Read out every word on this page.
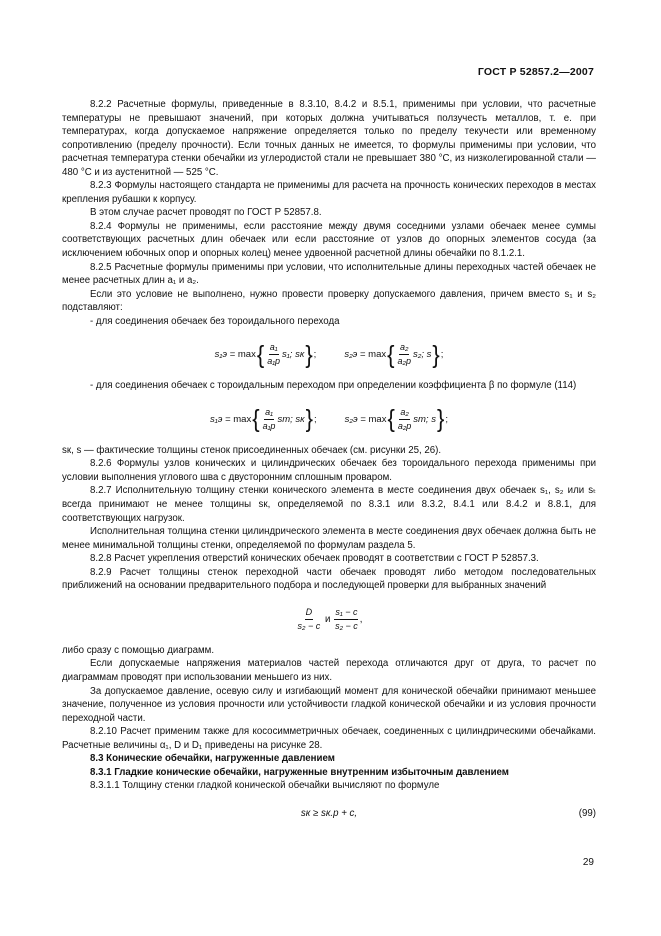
ГОСТ Р 52857.2—2007

8.2.2 Расчетные формулы, приведенные в 8.3.10, 8.4.2 и 8.5.1, применимы при условии, что расчетные температуры не превышают значений, при которых должна учитываться ползучесть металлов, т. е. при температурах, когда допускаемое напряжение определяется только по пределу текучести или временному сопротивлению (пределу прочности). Если точных данных не имеется, то формулы применимы при условии, что расчетная температура стенки обечайки из углеродистой стали не превышает 380 °С, из низколегированной стали — 480 °С и из аустенитной — 525 °С.

8.2.3 Формулы настоящего стандарта не применимы для расчета на прочность конических переходов в местах крепления рубашки к корпусу.

В этом случае расчет проводят по ГОСТ Р 52857.8.

8.2.4 Формулы не применимы, если расстояние между двумя соседними узлами обечаек менее суммы соответствующих расчетных длин обечаек или если расстояние от узлов до опорных элементов сосуда (за исключением юбочных опор и опорных колец) менее удвоенной расчетной длины обечайки по 8.1.2.1.

8.2.5 Расчетные формулы применимы при условии, что исполнительные длины переходных частей обечаек не менее расчетных длин a₁ и a₂.

Если это условие не выполнено, нужно провести проверку допускаемого давления, причем вместо s₁ и s₂ подставляют:

- для соединения обечаек без тороидального перехода

s₁э
= max { $\frac{\text{a₁}}{\text{a₁р}} s_1$; sк } ;	s₂э
= max { $\frac{\text{a₂}}{\text{a₂р}} s_2$; s } ;

- для соединения обечаек с тороидальным переходом при определении коэффициента β по формуле (114)

s₁э
= max { $\frac{\text{a₁}}{\text{a₁р}}$ sт; sк } ;	s₂э
= max { $\frac{\text{a₂}}{\text{a₂р}}$ sт; s } ;

sк, s — фактические толщины стенок присоединенных обечаек (см. рисунки 25, 26).

8.2.6 Формулы узлов конических и цилиндрических обечаек без тороидального перехода применимы при условии выполнения углового шва с двусторонним сплошным проваром.

8.2.7 Исполнительную толщину стенки конического элемента в месте соединения двух обечаек s₁, s₂ или sₜ всегда принимают не менее толщины sк, определяемой по 8.3.1 или 8.3.2, 8.4.1 или 8.4.2 и 8.8.1, для соответствующих нагрузок.

Исполнительная толщина стенки цилиндрического элемента в месте соединения двух обечаек должна быть не менее минимальной толщины стенки, определяемой по формулам раздела 5.

8.2.8 Расчет укрепления отверстий конических обечаек проводят в соответствии с ГОСТ Р 52857.3.

8.2.9 Расчет толщины стенок переходной части обечаек проводят либо методом последовательных приближений на основании предварительного подбора и последующей проверки для выбранных значений

$\frac{D}{\text{s₂ − c}}$
и
$\frac{\text{s₁ − c}}{\text{s₂ − c}}$ ,

либо сразу с помощью диаграмм.

Если допускаемые напряжения материалов частей перехода отличаются друг от друга, то расчет по диаграммам проводят при использовании меньшего из них.

За допускаемое давление, осевую силу и изгибающий момент для конической обечайки принимают меньшее значение, полученное из условия прочности или устойчивости гладкой конической обечайки и из условия прочности переходной части.

8.2.10 Расчет применим также для кососимметричных обечаек, соединенных с цилиндрическими обечайками. Расчетные величины α₁, D и D₁ приведены на рисунке 28.

8.3 Конические обечайки, нагруженные давлением

8.3.1 Гладкие конические обечайки, нагруженные внутренним избыточным давлением

8.3.1.1 Толщину стенки гладкой конической обечайки вычисляют по формуле

sк ≥ sк.р + c,	(99)
29
